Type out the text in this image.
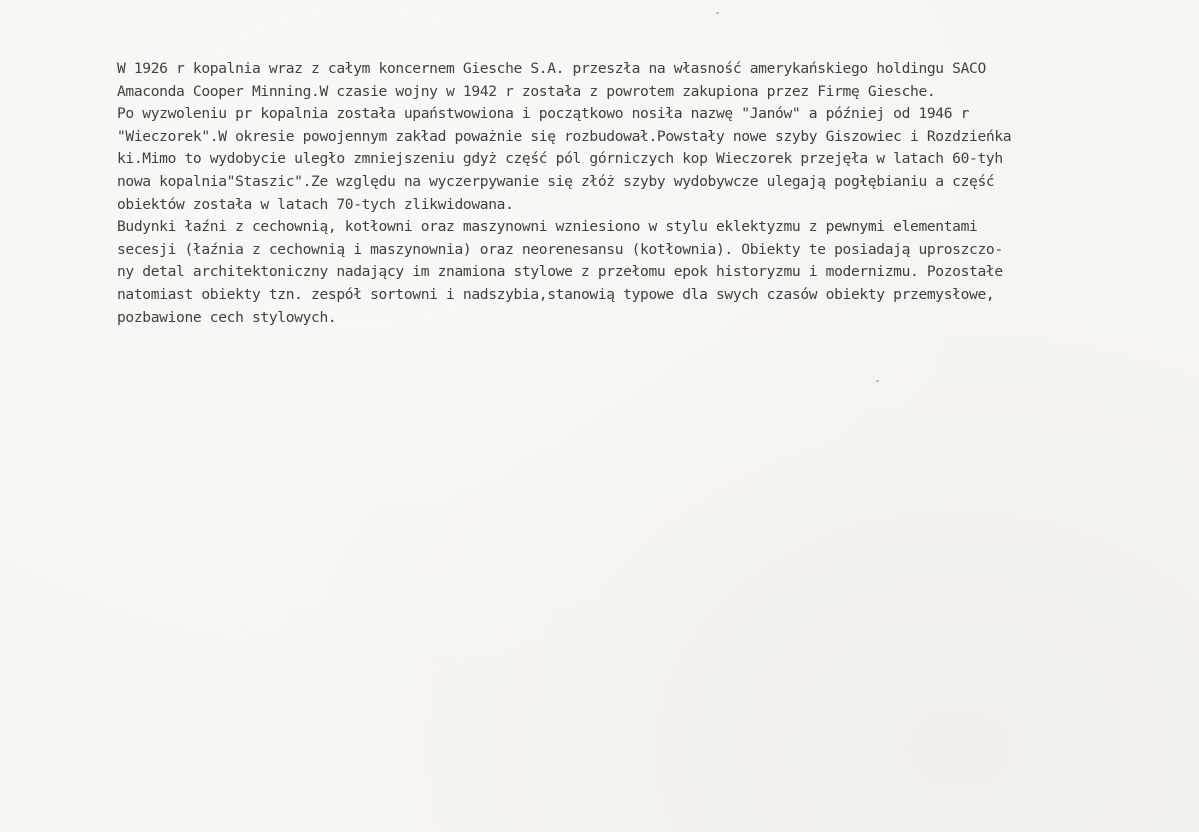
W 1926 r kopalnia wraz z całym koncernem Giesche S.A. przeszła na własność amerykańskiego holdingu SACO
Amaconda Cooper Minning.W czasie wojny w 1942 r została z powrotem zakupiona przez Firmę Giesche.
Po wyzwoleniu pr kopalnia została upaństwowiona i początkowo nosiła nazwę "Janów" a później od 1946 r
"Wieczorek".W okresie powojennym zakład poważnie się rozbudował.Powstały nowe szyby Giszowiec i Rozdzieńka
ki.Mimo to wydobycie uległo zmniejszeniu gdyż część pól górniczych kop Wieczorek przejęła w latach 60-tyh
nowa kopalnia"Staszic".Ze względu na wyczerpywanie się złóż szyby wydobywcze ulegają pogłębianiu a część
obiektów została w latach 70-tych zlikwidowana.
Budynki łaźni z cechownią, kotłowni oraz maszynowni wzniesiono w stylu eklektyzmu z pewnymi elementami
secesji (łaźnia z cechownią i maszynownia) oraz neorenesansu (kotłownia). Obiekty te posiadają uproszczo-
ny detal architektoniczny nadający im znamiona stylowe z przełomu epok historyzmu i modernizmu. Pozostałe
natomiast obiekty tzn. zespół sortowni i nadszybia,stanowią typowe dla swych czasów obiekty przemysłowe,
pozbawione cech stylowych.
